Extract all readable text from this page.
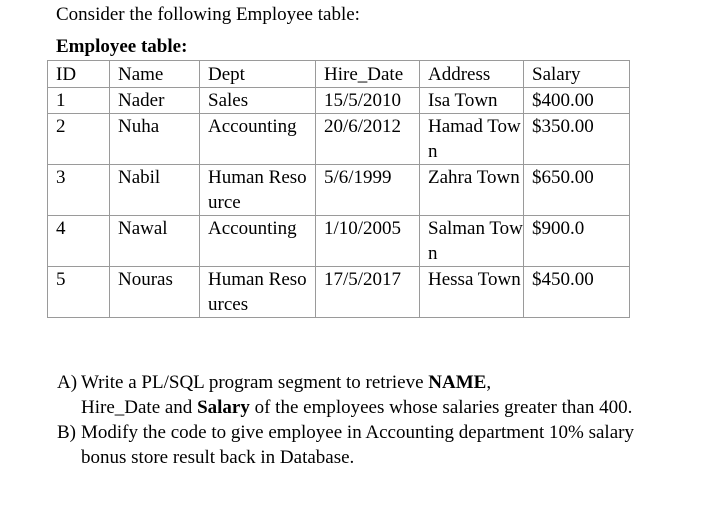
Consider the following Employee table:
Employee table:
ID	Name	Dept	Hire_Date	Address	Salary
1	Nader	Sales	15/5/2010	Isa Town	$400.00
2	Nuha	Accounting	20/6/2012	Hamad Town	$350.00
3	Nabil	Human Resource	5/6/1999	Zahra Town	$650.00
4	Nawal	Accounting	1/10/2005	Salman Town	$900.0
5	Nouras	Human Resources	17/5/2017	Hessa Town	$450.00
A) Write a PL/SQL program segment to retrieve NAME,
Hire_Date and Salary of the employees whose salaries greater than 400.
B) Modify the code to give employee in Accounting department 10% salary bonus store result back in Database.
